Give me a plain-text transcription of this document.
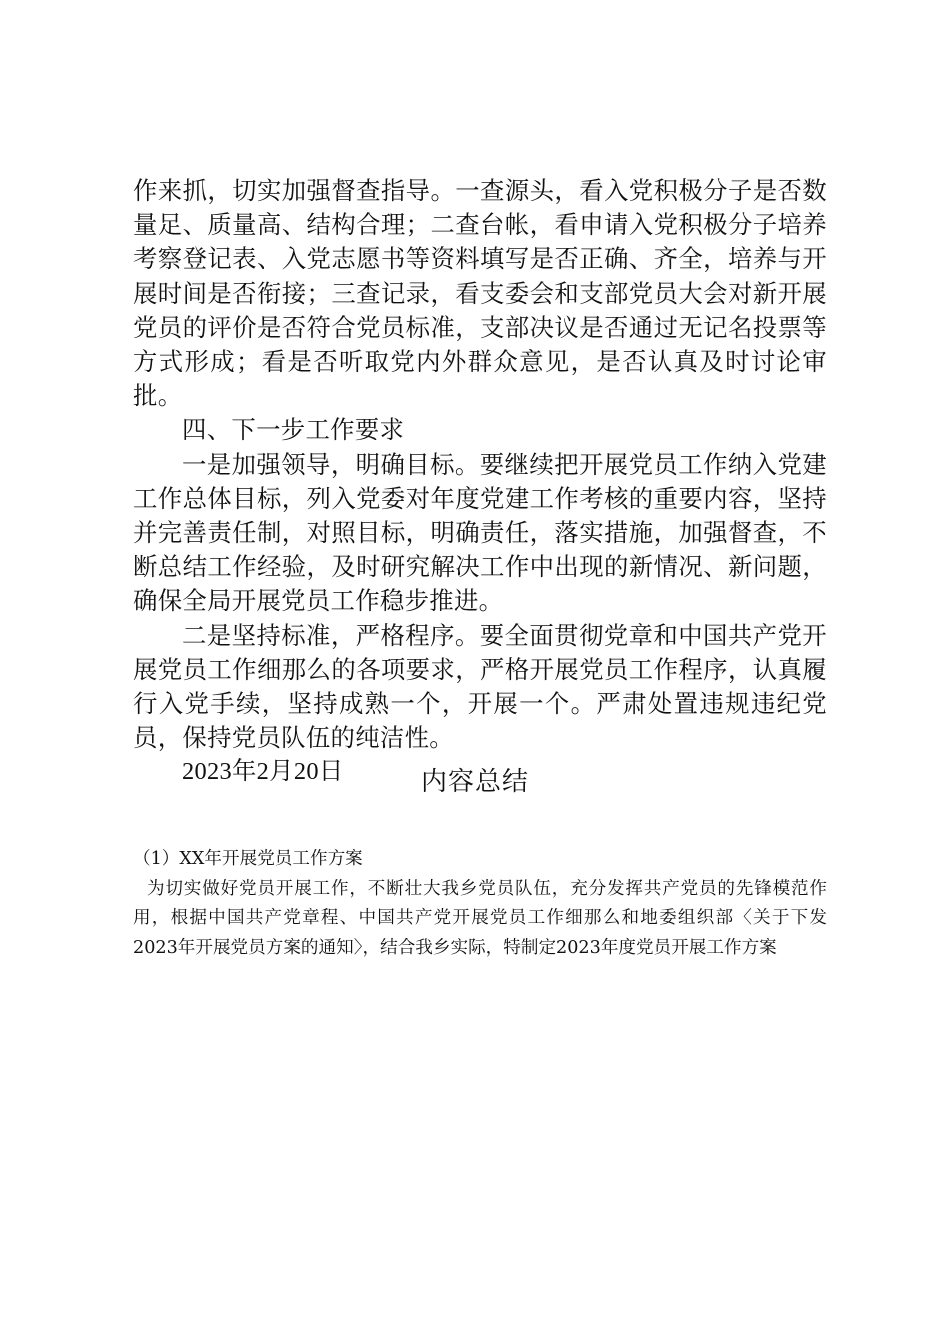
作来抓，切实加强督查指导。一查源头，看入党积极分子是否数量足、质量高、结构合理；二查台帐，看申请入党积极分子培养考察登记表、入党志愿书等资料填写是否正确、齐全，培养与开展时间是否衔接；三查记录，看支委会和支部党员大会对新开展党员的评价是否符合党员标准，支部决议是否通过无记名投票等方式形成；看是否听取党内外群众意见，是否认真及时讨论审批。

四、下一步工作要求

一是加强领导，明确目标。要继续把开展党员工作纳入党建工作总体目标，列入党委对年度党建工作考核的重要内容，坚持并完善责任制，对照目标，明确责任，落实措施，加强督查，不断总结工作经验，及时研究解决工作中出现的新情况、新问题，确保全局开展党员工作稳步推进。

二是坚持标准，严格程序。要全面贯彻党章和中国共产党开展党员工作细那么的各项要求，严格开展党员工作程序，认真履行入党手续，坚持成熟一个，开展一个。严肃处置违规违纪党员，保持党员队伍的纯洁性。

2023年2月20日	内容总结

（1）XX年开展党员工作方案

为切实做好党员开展工作，不断壮大我乡党员队伍，充分发挥共产党员的先锋模范作用，根据中国共产党章程、中国共产党开展党员工作细那么和地委组织部〈关于下发2023年开展党员方案的通知〉，结合我乡实际，特制定2023年度党员开展工作方案
